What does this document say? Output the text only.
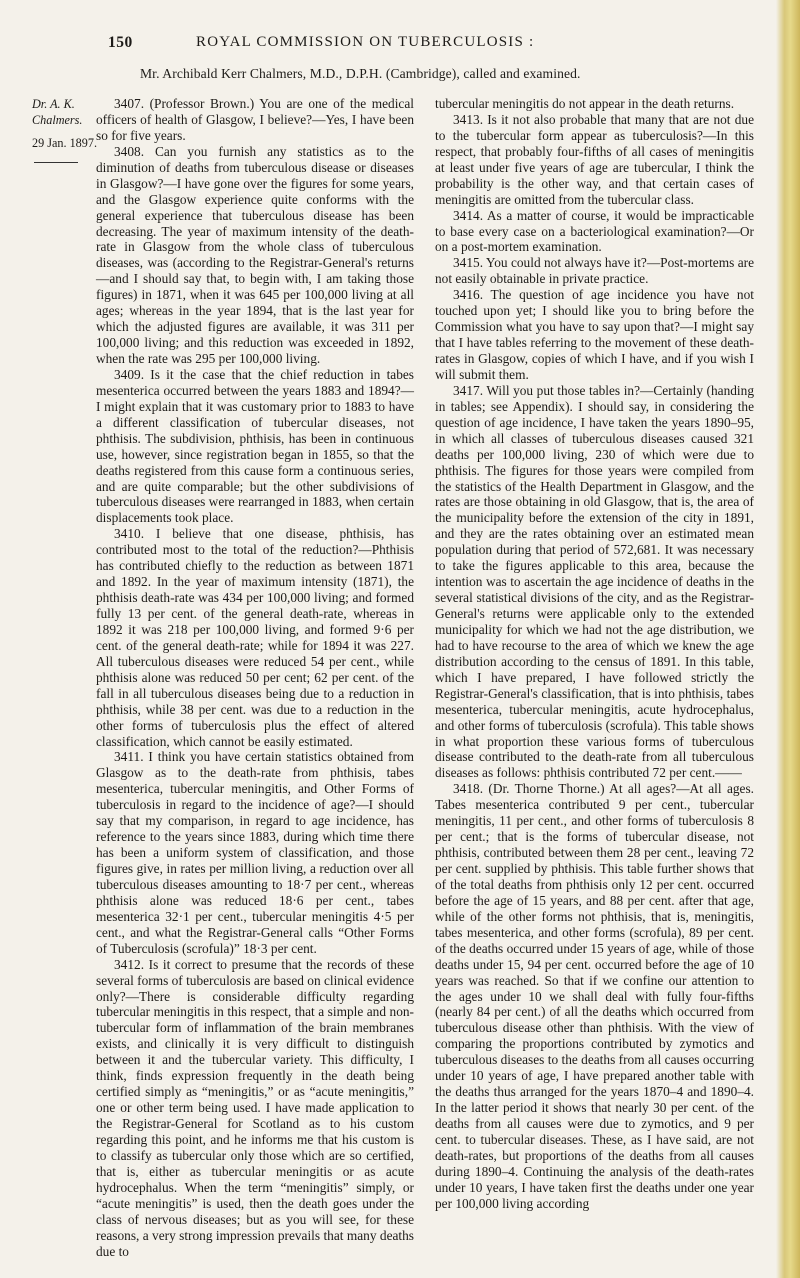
150	ROYAL COMMISSION ON TUBERCULOSIS :
Mr. Archibald Kerr Chalmers, M.D., D.P.H. (Cambridge), called and examined.
Dr. A. K. Chalmers.
29 Jan. 1897.

3407. (Professor Brown.) You are one of the medical officers of health of Glasgow, I believe?—Yes, I have been so for five years.

3408. Can you furnish any statistics as to the diminution of deaths from tuberculous disease or diseases in Glasgow?—I have gone over the figures for some years, and the Glasgow experience quite conforms with the general experience that tuberculous disease has been decreasing. The year of maximum intensity of the death-rate in Glasgow from the whole class of tuberculous diseases, was (according to the Registrar-General's returns—and I should say that, to begin with, I am taking those figures) in 1871, when it was 645 per 100,000 living at all ages; whereas in the year 1894, that is the last year for which the adjusted figures are available, it was 311 per 100,000 living; and this reduction was exceeded in 1892, when the rate was 295 per 100,000 living.

3409. Is it the case that the chief reduction in tabes mesenterica occurred between the years 1883 and 1894?—I might explain that it was customary prior to 1883 to have a different classification of tubercular diseases, not phthisis. The subdivision, phthisis, has been in continuous use, however, since registration began in 1855, so that the deaths registered from this cause form a continuous series, and are quite comparable; but the other subdivisions of tuberculous diseases were rearranged in 1883, when certain displacements took place.

3410. I believe that one disease, phthisis, has contributed most to the total of the reduction?—Phthisis has contributed chiefly to the reduction as between 1871 and 1892. In the year of maximum intensity (1871), the phthisis death-rate was 434 per 100,000 living; and formed fully 13 per cent. of the general death-rate, whereas in 1892 it was 218 per 100,000 living, and formed 9·6 per cent. of the general death-rate; while for 1894 it was 227. All tuberculous diseases were reduced 54 per cent., while phthisis alone was reduced 50 per cent; 62 per cent. of the fall in all tuberculous diseases being due to a reduction in phthisis, while 38 per cent. was due to a reduction in the other forms of tuberculosis plus the effect of altered classification, which cannot be easily estimated.

3411. I think you have certain statistics obtained from Glasgow as to the death-rate from phthisis, tabes mesenterica, tubercular meningitis, and Other Forms of tuberculosis in regard to the incidence of age?—I should say that my comparison, in regard to age incidence, has reference to the years since 1883, during which time there has been a uniform system of classification, and those figures give, in rates per million living, a reduction over all tuberculous diseases amounting to 18·7 per cent., whereas phthisis alone was reduced 18·6 per cent., tabes mesenterica 32·1 per cent., tubercular meningitis 4·5 per cent., and what the Registrar-General calls “Other Forms of Tuberculosis (scrofula)” 18·3 per cent.

3412. Is it correct to presume that the records of these several forms of tuberculosis are based on clinical evidence only?—There is considerable difficulty regarding tubercular meningitis in this respect, that a simple and non-tubercular form of inflammation of the brain membranes exists, and clinically it is very difficult to distinguish between it and the tubercular variety. This difficulty, I think, finds expression frequently in the death being certified simply as “meningitis,” or as “acute meningitis,” one or other term being used. I have made application to the Registrar-General for Scotland as to his custom regarding this point, and he informs me that his custom is to classify as tubercular only those which are so certified, that is, either as tubercular meningitis or as acute hydrocephalus. When the term “meningitis” simply, or “acute meningitis” is used, then the death goes under the class of nervous diseases; but as you will see, for these reasons, a very strong impression prevails that many deaths due to

tubercular meningitis do not appear in the death returns.

3413. Is it not also probable that many that are not due to the tubercular form appear as tuberculosis?—In this respect, that probably four-fifths of all cases of meningitis at least under five years of age are tubercular, I think the probability is the other way, and that certain cases of meningitis are omitted from the tubercular class.

3414. As a matter of course, it would be impracticable to base every case on a bacteriological examination?—Or on a post-mortem examination.

3415. You could not always have it?—Post-mortems are not easily obtainable in private practice.

3416. The question of age incidence you have not touched upon yet; I should like you to bring before the Commission what you have to say upon that?—I might say that I have tables referring to the movement of these death-rates in Glasgow, copies of which I have, and if you wish I will submit them.

3417. Will you put those tables in?—Certainly (handing in tables; see Appendix). I should say, in considering the question of age incidence, I have taken the years 1890–95, in which all classes of tuberculous diseases caused 321 deaths per 100,000 living, 230 of which were due to phthisis. The figures for those years were compiled from the statistics of the Health Department in Glasgow, and the rates are those obtaining in old Glasgow, that is, the area of the municipality before the extension of the city in 1891, and they are the rates obtaining over an estimated mean population during that period of 572,681. It was necessary to take the figures applicable to this area, because the intention was to ascertain the age incidence of deaths in the several statistical divisions of the city, and as the Registrar-General's returns were applicable only to the extended municipality for which we had not the age distribution, we had to have recourse to the area of which we knew the age distribution according to the census of 1891. In this table, which I have prepared, I have followed strictly the Registrar-General's classification, that is into phthisis, tabes mesenterica, tubercular meningitis, acute hydrocephalus, and other forms of tuberculosis (scrofula). This table shows in what proportion these various forms of tuberculous disease contributed to the death-rate from all tuberculous diseases as follows: phthisis contributed 72 per cent.——

3418. (Dr. Thorne Thorne.) At all ages?—At all ages. Tabes mesenterica contributed 9 per cent., tubercular meningitis, 11 per cent., and other forms of tuberculosis 8 per cent.; that is the forms of tubercular disease, not phthisis, contributed between them 28 per cent., leaving 72 per cent. supplied by phthisis. This table further shows that of the total deaths from phthisis only 12 per cent. occurred before the age of 15 years, and 88 per cent. after that age, while of the other forms not phthisis, that is, meningitis, tabes mesenterica, and other forms (scrofula), 89 per cent. of the deaths occurred under 15 years of age, while of those deaths under 15, 94 per cent. occurred before the age of 10 years was reached. So that if we confine our attention to the ages under 10 we shall deal with fully four-fifths (nearly 84 per cent.) of all the deaths which occurred from tuberculous disease other than phthisis. With the view of comparing the proportions contributed by zymotics and tuberculous diseases to the deaths from all causes occurring under 10 years of age, I have prepared another table with the deaths thus arranged for the years 1870–4 and 1890–4. In the latter period it shows that nearly 30 per cent. of the deaths from all causes were due to zymotics, and 9 per cent. to tubercular diseases. These, as I have said, are not death-rates, but proportions of the deaths from all causes during 1890–4. Continuing the analysis of the death-rates under 10 years, I have taken first the deaths under one year per 100,000 living according
